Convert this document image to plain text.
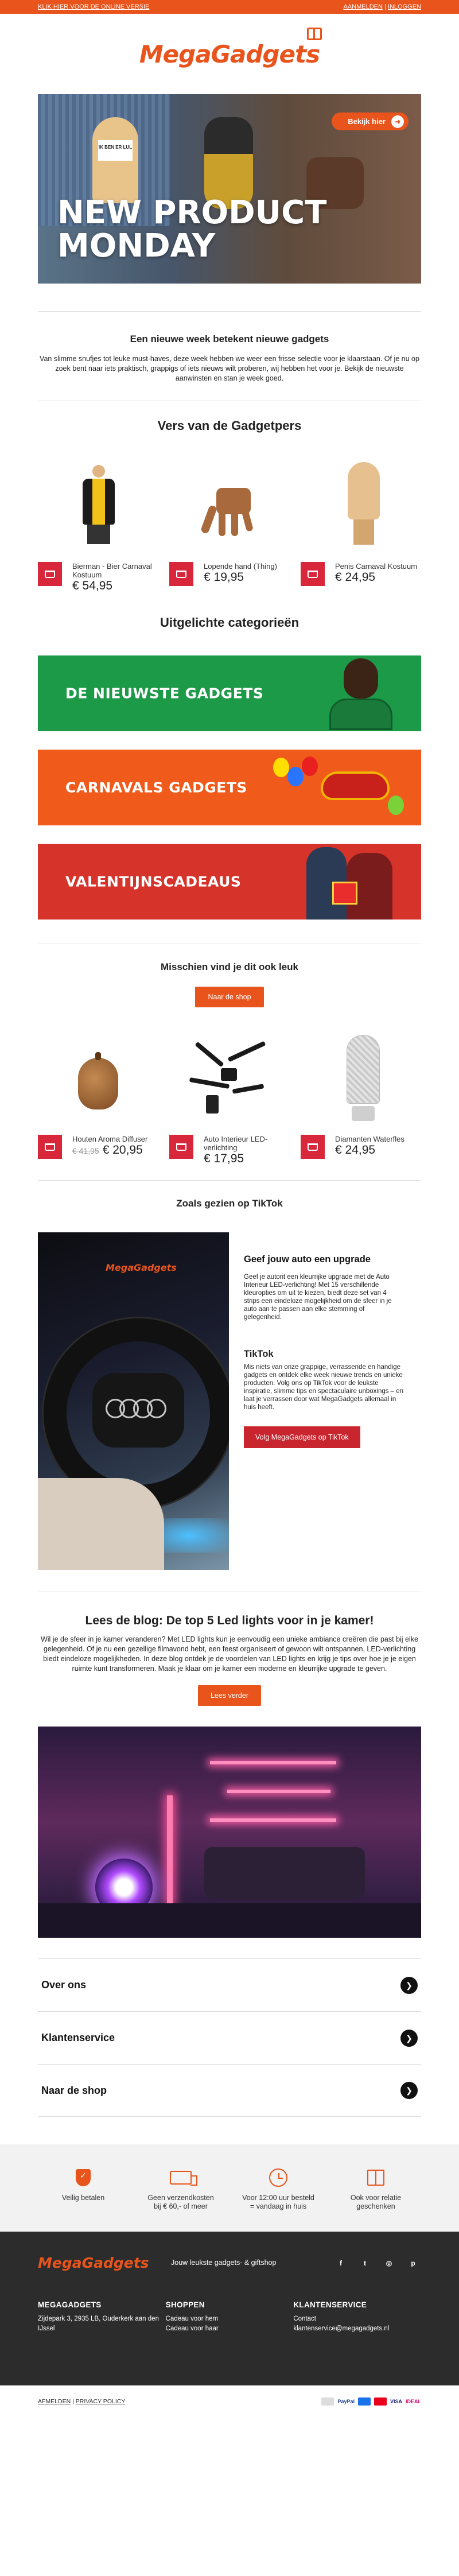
KLIK HIER VOOR DE ONLINE VERSIE	AANMELDEN | INLOGGEN
MegaGadgets
IK BEN ER LUL
NEW PRODUCT
MONDAY
Bekijk hier	➜
Een nieuwe week betekent nieuwe gadgets

Van slimme snufjes tot leuke must-haves, deze week hebben we weer een frisse selectie voor je klaarstaan. Of je nu op zoek bent naar iets praktisch, grappigs of iets nieuws wilt proberen, wij hebben het voor je. Bekijk de nieuwste aanwinsten en stan je week goed.

Vers van de Gadgetpers
Bierman - Bier Carnaval Kostuum
€ 54,95
Lopende hand (Thing)
€ 19,95
Penis Carnaval Kostuum
€ 24,95
Uitgelichte categorieën
DE NIEUWSTE GADGETS
CARNAVALS GADGETS
VALENTIJNSCADEAUS
Misschien vind je dit ook leuk
Naar de shop
Houten Aroma Diffuser
€ 41,95 € 20,95
Auto Interieur LED-verlichting
€ 17,95
Diamanten Waterfles
€ 24,95
Zoals gezien op TikTok
MegaGadgets
Geef jouw auto een upgrade

Geef je autorit een kleurrijke upgrade met de Auto Interieur LED-verlichting! Met 15 verschillende kleuropties om uit te kiezen, biedt deze set van 4 strips een eindeloze mogelijkheid om de sfeer in je auto aan te passen aan elke stemming of gelegenheid.

TikTok

Mis niets van onze grappige, verrassende en handige gadgets en ontdek elke week nieuwe trends en unieke producten. Volg ons op TikTok voor de leukste inspiratie, slimme tips en spectaculaire unboxings – en laat je verrassen door wat MegaGadgets allemaal in huis heeft.

Volg MegaGadgets op TikTok
Lees de blog: De top 5 Led lights voor in je kamer!

Wil je de sfeer in je kamer veranderen? Met LED lights kun je eenvoudig een unieke ambiance creëren die past bij elke gelegenheid. Of je nu een gezellige filmavond hebt, een feest organiseert of gewoon wilt ontspannen, LED-verlichting biedt eindeloze mogelijkheden. In deze blog ontdek je de voordelen van LED lights en krijg je tips over hoe je je eigen ruimte kunt transformeren. Maak je klaar om je kamer een moderne en kleurrijke upgrade te geven.

Lees verder
Over ons	❯
Klantenservice	❯
Naar de shop	❯
✓
Veilig betalen	Geen verzendkosten bij € 60,- of meer
Voor 12:00 uur besteld = vandaag in huis
Ook voor relatie geschenken
MegaGadgets	Jouw leukste gadgets- & giftshop	f	t	◎	p
MEGAGADGETS
Zijdepark 3, 2935 LB, Ouderkerk aan den IJssel
SHOPPEN
Cadeau voor hem
Cadeau voor haar
KLANTENSERVICE
Contact
klantenservice@megagadgets.nl
AFMELDEN | PRIVACY POLICY	PayPal	VISA iDEAL
